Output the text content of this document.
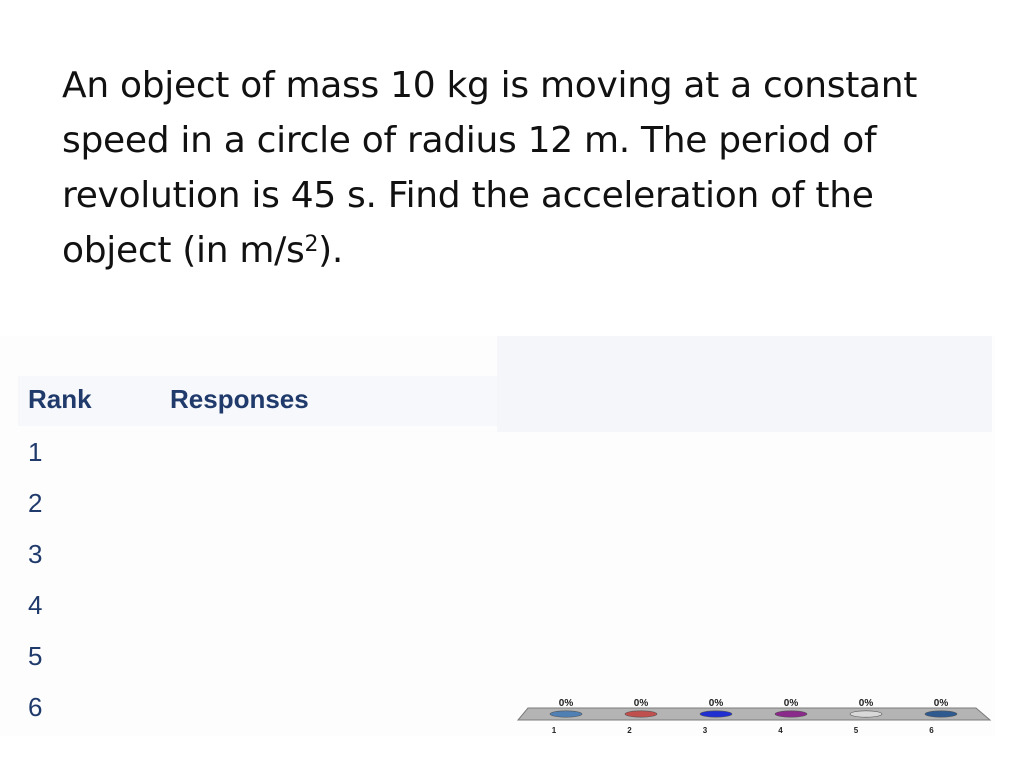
An object of mass 10 kg is moving at a constant speed in a circle of radius 12 m. The period of revolution is 45 s. Find the acceleration of the object (in $m/s^2$).
Rank	Responses
1
2
3
4
5
6	0%
1
0%
2
0%
3
0%
4
0%
5
0%
6
